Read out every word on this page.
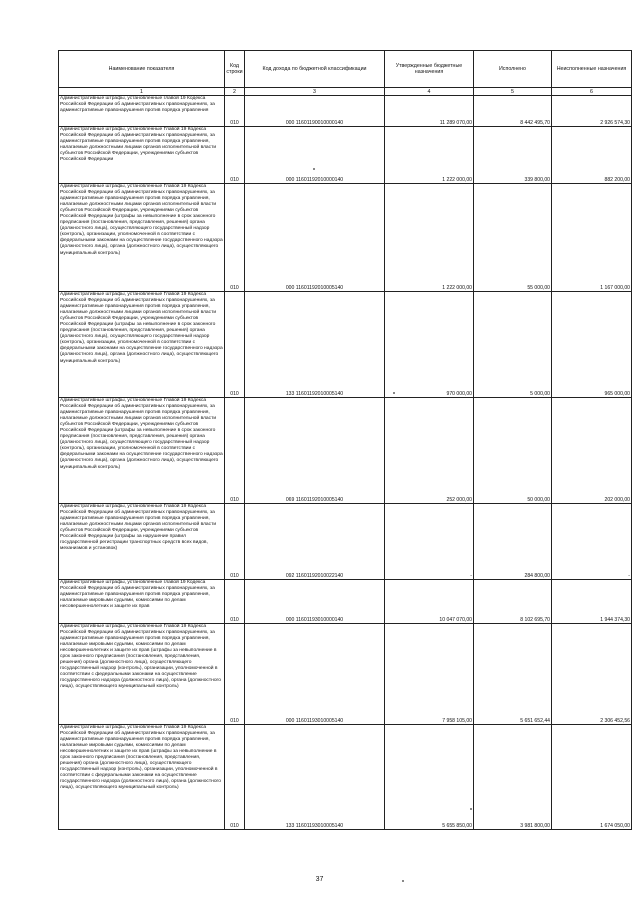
Наименование показателя	Код строки	Код дохода по бюджетной классификации	Утвержденные бюджетные назначения	Исполнено	Неисполненные назначения
1	2	3	4	5	6
Административные штрафы, установленные главой 19 Кодекса Российской Федерации об административных правонарушениях, за административные правонарушения против порядка управления	010	000 11601190010000140	11 289 070,00	8 442 495,70	2 926 574,30
Административные штрафы, установленные Главой 19 Кодекса Российской Федерации об административных правонарушениях, за административные правонарушения против порядка управления, налагаемые должностными лицами органов исполнительной власти субъектов Российской Федерации, учреждениями субъектов Российской Федерации	010	000 11601192010000140	1 222 000,00	339 800,00	882 200,00
Административные штрафы, установленные Главой 19 Кодекса Российской Федерации об административных правонарушениях, за административные правонарушения против порядка управления, налагаемые должностными лицами органов исполнительной власти субъектов Российской Федерации, учреждениями субъектов Российской Федерации (штрафы за невыполнение в срок законного предписания (постановления, представления, решения) органа (должностного лица), осуществляющего государственный надзор (контроль), организации, уполномоченной в соответствии с федеральными законами на осуществление государственного надзора (должностного лица), органа (должностного лица), осуществляющего муниципальный контроль)	010	000 11601192010005140	1 222 000,00	55 000,00	1 167 000,00
Административные штрафы, установленные Главой 19 Кодекса Российской Федерации об административных правонарушениях, за административные правонарушения против порядка управления, налагаемые должностными лицами органов исполнительной власти субъектов Российской Федерации, учреждениями субъектов Российской Федерации (штрафы за невыполнение в срок законного предписания (постановления, представления, решения) органа (должностного лица), осуществляющего государственный надзор (контроль), организации, уполномоченной в соответствии с федеральными законами на осуществление государственного надзора (должностного лица), органа (должностного лица), осуществляющего муниципальный контроль)	010	133 11601192010005140	970 000,00	5 000,00	965 000,00
Административные штрафы, установленные Главой 19 Кодекса Российской Федерации об административных правонарушениях, за административные правонарушения против порядка управления, налагаемые должностными лицами органов исполнительной власти субъектов Российской Федерации, учреждениями субъектов Российской Федерации (штрафы за невыполнение в срок законного предписания (постановления, представления, решения) органа (должностного лица), осуществляющего государственный надзор (контроль), организации, уполномоченной в соответствии с федеральными законами на осуществление государственного надзора (должностного лица), органа (должностного лица), осуществляющего муниципальный контроль)	010	069 11601192010005140	252 000,00	50 000,00	202 000,00
Административные штрафы, установленные Главой 19 Кодекса Российской Федерации об административных правонарушениях, за административные правонарушения против порядка управления, налагаемые должностными лицами органов исполнительной власти субъектов Российской Федерации, учреждениями субъектов Российской Федерации (штрафы за нарушение правил государственной регистрации транспортных средств всех видов, механизмов и установок)	010	092 11601192010022140	-	284 800,00	-
Административные штрафы, установленные главой 19 Кодекса Российской Федерации об административных правонарушениях, за административные правонарушения против порядка управления, налагаемые мировыми судьями, комиссиями по делам несовершеннолетних и защите их прав	010	000 11601193010000140	10 047 070,00	8 102 695,70	1 944 374,30
Административные штрафы, установленные Главой 19 Кодекса Российской Федерации об административных правонарушениях, за административные правонарушения против порядка управления, налагаемые мировыми судьями, комиссиями по делам несовершеннолетних и защите их прав (штрафы за невыполнение в срок законного предписания (постановления, представления, решения) органа (должностного лица), осуществляющего государственный надзор (контроль), организации, уполномоченной в соответствии с федеральными законами на осуществление государственного надзора (должностного лица), органа (должностного лица), осуществляющего муниципальный контроль)	010	000 11601193010005140	7 958 105,00	5 651 652,44	2 306 452,56
Административные штрафы, установленные Главой 19 Кодекса Российской Федерации об административных правонарушениях, за административные правонарушения против порядка управления, налагаемые мировыми судьями, комиссиями по делам несовершеннолетних и защите их прав (штрафы за невыполнение в срок законного предписания (постановления, представления, решения) органа (должностного лица), осуществляющего государственный надзор (контроль), организации, уполномоченной в соответствии с федеральными законами на осуществление государственного надзора (должностного лица), органа (должностного лица), осуществляющего муниципальный контроль)	010	133 11601193010005140	5 655 850,00	3 981 800,00	1 674 050,00
37
